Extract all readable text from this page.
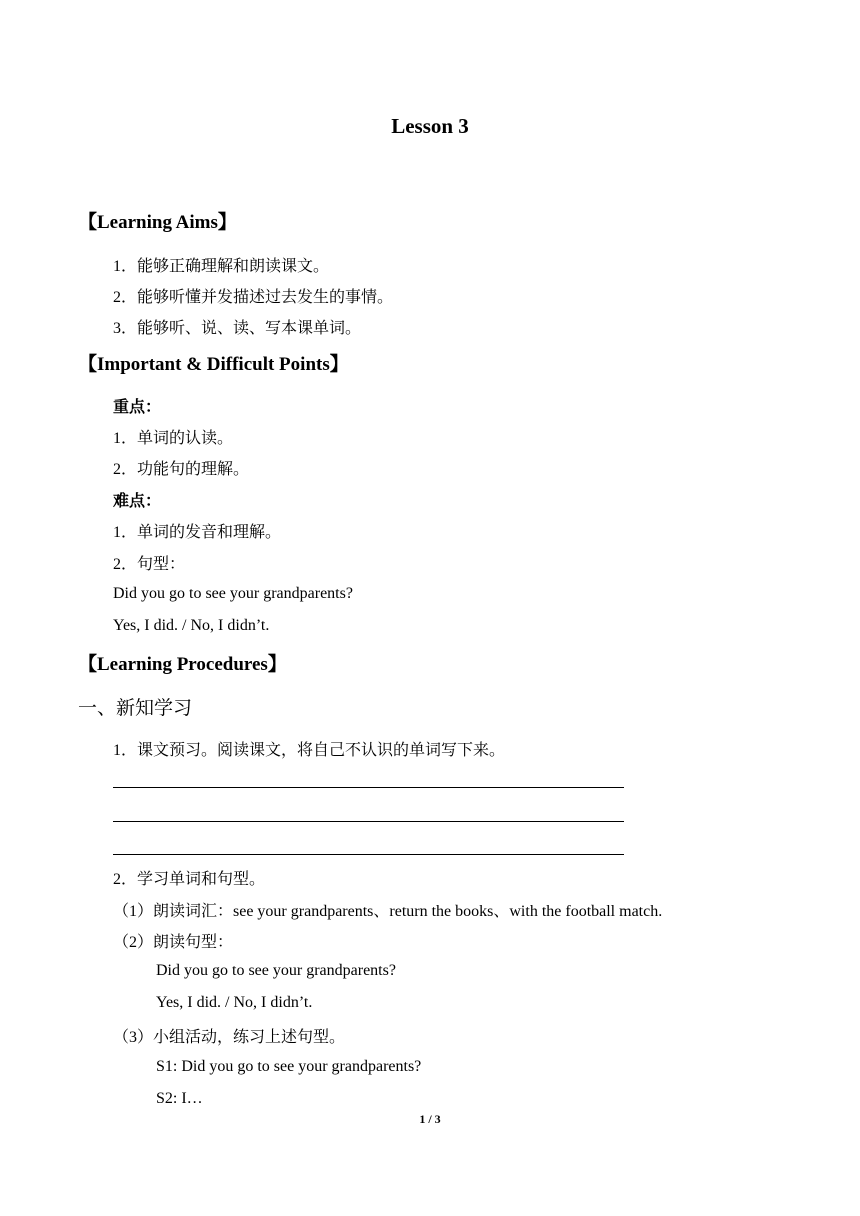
Lesson 3
【Learning Aims】
1．能够正确理解和朗读课文。
2．能够听懂并发描述过去发生的事情。
3．能够听、说、读、写本课单词。
【Important & Difficult Points】
重点：
1．单词的认读。
2．功能句的理解。
难点：
1．单词的发音和理解。
2．句型：
Did you go to see your grandparents?
Yes, I did. / No, I didn’t.
【Learning Procedures】
一、新知学习
1．课文预习。阅读课文，将自己不认识的单词写下来。
2．学习单词和句型。
（1）朗读词汇：see your grandparents、return the books、with the football match.
（2）朗读句型：
Did you go to see your grandparents?
Yes, I did. / No, I didn’t.
（3）小组活动，练习上述句型。
S1: Did you go to see your grandparents?
S2: I…
1 / 3
